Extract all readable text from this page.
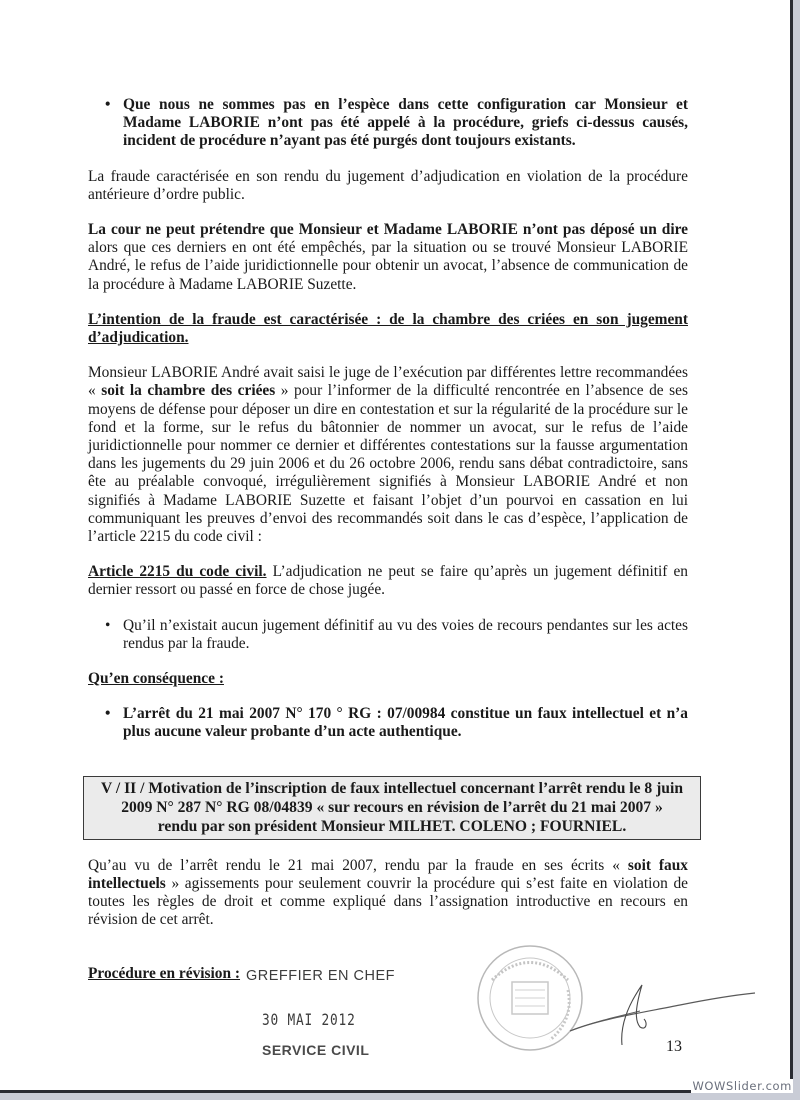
• Que nous ne sommes pas en l’espèce dans cette configuration car Monsieur et Madame LABORIE n’ont pas été appelé à la procédure, griefs ci-dessus causés, incident de procédure n’ayant pas été purgés dont toujours existants.

La fraude caractérisée en son rendu du jugement d’adjudication en violation de la procédure antérieure d’ordre public.

La cour ne peut prétendre que Monsieur et Madame LABORIE n’ont pas déposé un dire alors que ces derniers en ont été empêchés, par la situation ou se trouvé Monsieur LABORIE André, le refus de l’aide juridictionnelle pour obtenir un avocat, l’absence de communication de la procédure à Madame LABORIE Suzette.

L’intention de la fraude est caractérisée : de la chambre des criées en son jugement d’adjudication.

Monsieur LABORIE André avait saisi le juge de l’exécution par différentes lettre recommandées « soit la chambre des criées » pour l’informer de la difficulté rencontrée en l’absence de ses moyens de défense pour déposer un dire en contestation et sur la régularité de la procédure sur le fond et la forme, sur le refus du bâtonnier de nommer un avocat, sur le refus de l’aide juridictionnelle pour nommer ce dernier et différentes contestations sur la fausse argumentation dans les jugements du 29 juin 2006 et du 26 octobre 2006, rendu sans débat contradictoire, sans ête au préalable convoqué, irrégulièrement signifiés à Monsieur LABORIE André et non signifiés à Madame LABORIE Suzette et faisant l’objet d’un pourvoi en cassation en lui communiquant les preuves d’envoi des recommandés soit dans le cas d’espèce, l’application de l’article 2215 du code civil :

Article 2215 du code civil. L’adjudication ne peut se faire qu’après un jugement définitif en dernier ressort ou passé en force de chose jugée.

• Qu’il n’existait aucun jugement définitif au vu des voies de recours pendantes sur les actes rendus par la fraude.

Qu’en conséquence :

• L’arrêt du 21 mai 2007 N° 170 ° RG : 07/00984 constitue un faux intellectuel et n’a plus aucune valeur probante d’un acte authentique.
V / II / Motivation de l’inscription de faux intellectuel concernant l’arrêt rendu le 8 juin
2009 N° 287 N° RG 08/04839 « sur recours en révision de l’arrêt du 21 mai 2007 »
rendu par son président Monsieur MILHET. COLENO ; FOURNIEL.

Qu’au vu de l’arrêt rendu le 21 mai 2007, rendu par la fraude en ses écrits « soit faux intellectuels » agissements pour seulement couvrir la procédure qui s’est faite en violation de toutes les règles de droit et comme expliqué dans l’assignation introductive en recours en révision de cet arrêt.

Procédure en révision : GREFFIER EN CHEF
30 MAI 2012
SERVICE CIVIL	13
WOWSlider.com
